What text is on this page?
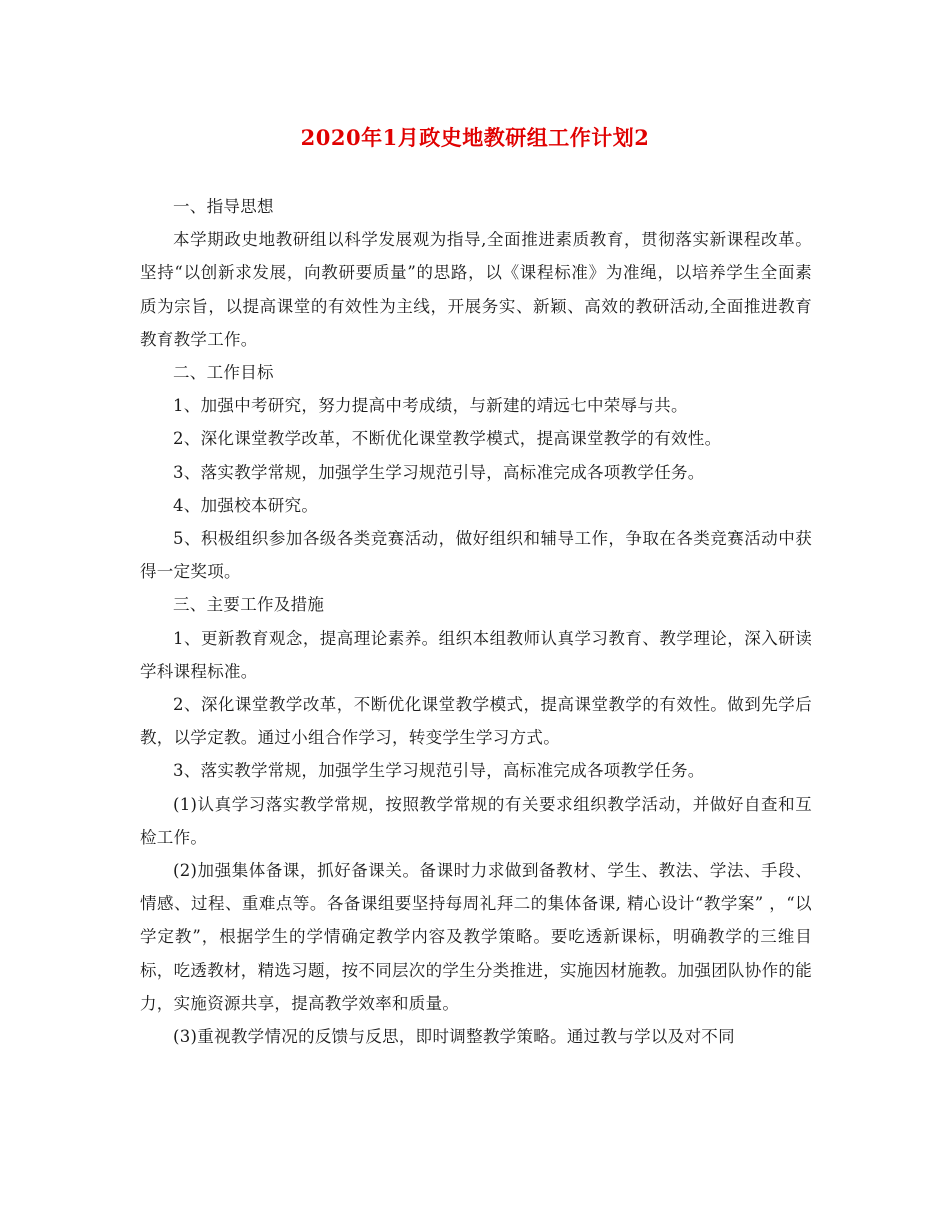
2020年1月政史地教研组工作计划2

一、指导思想

本学期政史地教研组以科学发展观为指导,全面推进素质教育，贯彻落实新课程改革。 坚持“以创新求发展，向教研要质量”的思路，以《课程标准》为准绳，以培养学生全面素质为宗旨，以提高课堂的有效性为主线，开展务实、新颖、高效的教研活动,全面推进教育教育教学工作。

二、工作目标

1、加强中考研究，努力提高中考成绩，与新建的靖远七中荣辱与共。

2、深化课堂教学改革，不断优化课堂教学模式，提高课堂教学的有效性。

3、落实教学常规，加强学生学习规范引导，高标准完成各项教学任务。

4、加强校本研究。

5、积极组织参加各级各类竞赛活动，做好组织和辅导工作，争取在各类竞赛活动中获得一定奖项。

三、主要工作及措施

1、更新教育观念，提高理论素养。组织本组教师认真学习教育、教学理论，深入研读学科课程标准。

2、深化课堂教学改革，不断优化课堂教学模式，提高课堂教学的有效性。做到先学后教，以学定教。通过小组合作学习，转变学生学习方式。

3、落实教学常规，加强学生学习规范引导，高标准完成各项教学任务。

(1)认真学习落实教学常规，按照教学常规的有关要求组织教学活动，并做好自查和互检工作。

(2)加强集体备课，抓好备课关。备课时力求做到备教材、学生、教法、学法、手段、情感、过程、重难点等。各备课组要坚持每周礼拜二的集体备课, 精心设计“教学案” ，“以学定教”，根据学生的学情确定教学内容及教学策略。要吃透新课标，明确教学的三维目标，吃透教材，精选习题，按不同层次的学生分类推进，实施因材施教。加强团队协作的能力，实施资源共享，提高教学效率和质量。

(3)重视教学情况的反馈与反思，即时调整教学策略。通过教与学以及对不同
